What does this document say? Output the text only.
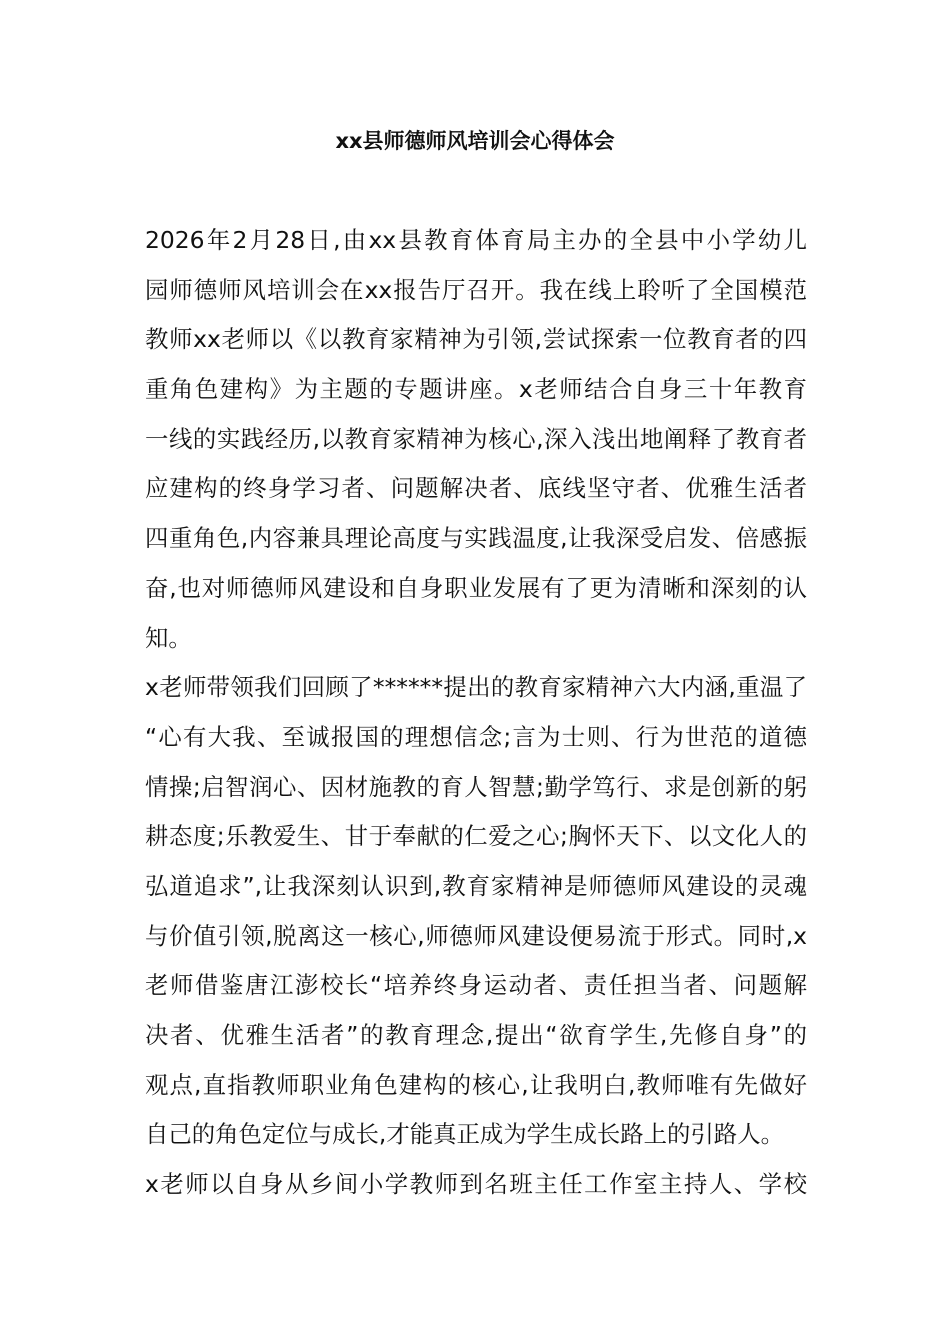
xx县师德师风培训会心得体会
2026年2月28日,由xx县教育体育局主办的全县中小学幼儿
园师德师风培训会在xx报告厅召开。我在线上聆听了全国模范
教师xx老师以《以教育家精神为引领,尝试探索一位教育者的四
重角色建构》为主题的专题讲座。x老师结合自身三十年教育
一线的实践经历,以教育家精神为核心,深入浅出地阐释了教育者
应建构的终身学习者、问题解决者、底线坚守者、优雅生活者
四重角色,内容兼具理论高度与实践温度,让我深受启发、倍感振
奋,也对师德师风建设和自身职业发展有了更为清晰和深刻的认
知。
x老师带领我们回顾了******提出的教育家精神六大内涵,重温了
“心有大我、至诚报国的理想信念;言为士则、行为世范的道德
情操;启智润心、因材施教的育人智慧;勤学笃行、求是创新的躬
耕态度;乐教爱生、甘于奉献的仁爱之心;胸怀天下、以文化人的
弘道追求”,让我深刻认识到,教育家精神是师德师风建设的灵魂
与价值引领,脱离这一核心,师德师风建设便易流于形式。同时,x
老师借鉴唐江澎校长“培养终身运动者、责任担当者、问题解
决者、优雅生活者”的教育理念,提出“欲育学生,先修自身”的
观点,直指教师职业角色建构的核心,让我明白,教师唯有先做好
自己的角色定位与成长,才能真正成为学生成长路上的引路人。
x老师以自身从乡间小学教师到名班主任工作室主持人、学校
